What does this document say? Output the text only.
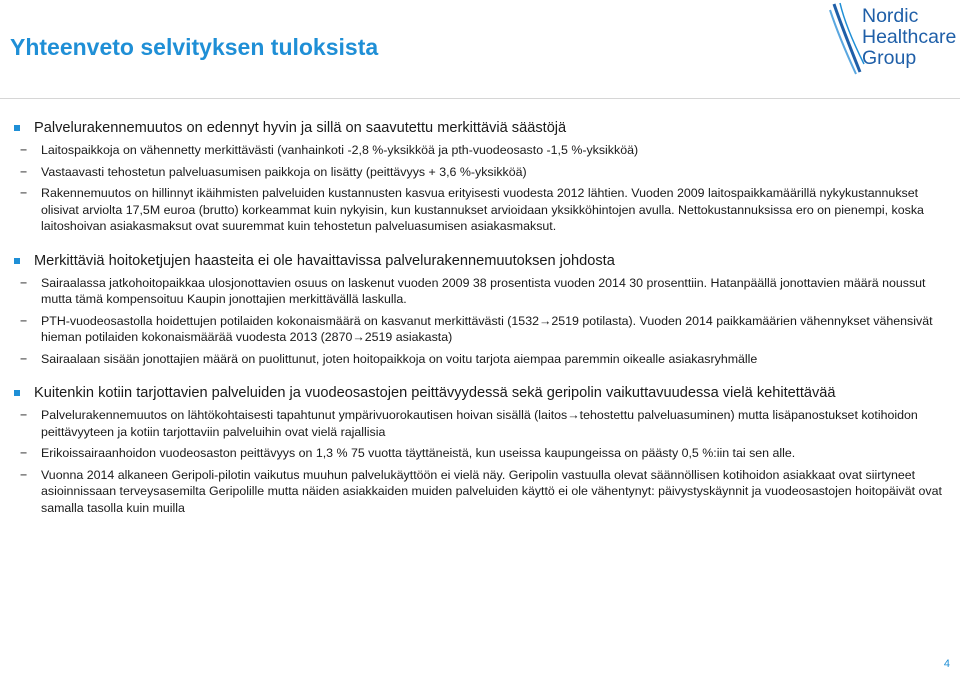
Yhteenveto selvityksen tuloksista
Nordic
Healthcare
Group
Palvelurakennemuutos on edennyt hyvin ja sillä on saavutettu merkittäviä säästöjä
− Laitospaikkoja on vähennetty merkittävästi (vanhainkoti -2,8 %-yksikköä ja pth-vuodeosasto -1,5 %-yksikköä)
− Vastaavasti tehostetun palveluasumisen paikkoja on lisätty (peittävyys + 3,6 %-yksikköä)
− Rakennemuutos on hillinnyt ikäihmisten palveluiden kustannusten kasvua erityisesti vuodesta 2012 lähtien. Vuoden 2009 laitospaikkamäärillä nykykustannukset olisivat arviolta 17,5M euroa (brutto) korkeammat kuin nykyisin, kun kustannukset arvioidaan yksikköhintojen avulla. Nettokustannuksissa ero on pienempi, koska laitoshoivan asiakasmaksut ovat suuremmat kuin tehostetun palveluasumisen asiakasmaksut.
Merkittäviä hoitoketjujen haasteita ei ole havaittavissa palvelurakennemuutoksen johdosta
− Sairaalassa jatkohoitopaikkaa ulosjonottavien osuus on laskenut vuoden 2009 38 prosentista vuoden 2014 30 prosenttiin. Hatanpäällä jonottavien määrä noussut mutta tämä kompensoituu Kaupin jonottajien merkittävällä laskulla.
− PTH-vuodeosastolla hoidettujen potilaiden kokonaismäärä on kasvanut merkittävästi (1532→2519 potilasta). Vuoden 2014 paikkamäärien vähennykset vähensivät hieman potilaiden kokonaismäärää vuodesta 2013 (2870→2519 asiakasta)
− Sairaalaan sisään jonottajien määrä on puolittunut, joten hoitopaikkoja on voitu tarjota aiempaa paremmin oikealle asiakasryhmälle
Kuitenkin kotiin tarjottavien palveluiden ja vuodeosastojen peittävyydessä sekä geripolin vaikuttavuudessa vielä kehitettävää
− Palvelurakennemuutos on lähtökohtaisesti tapahtunut ympärivuorokautisen hoivan sisällä (laitos→tehostettu palveluasuminen) mutta lisäpanostukset kotihoidon peittävyyteen ja kotiin tarjottaviin palveluihin ovat vielä rajallisia
− Erikoissairaanhoidon vuodeosaston peittävyys on 1,3 % 75 vuotta täyttäneistä, kun useissa kaupungeissa on päästy 0,5 %:iin tai sen alle.
− Vuonna 2014 alkaneen Geripoli-pilotin vaikutus muuhun palvelukäyttöön ei vielä näy. Geripolin vastuulla olevat säännöllisen kotihoidon asiakkaat ovat siirtyneet asioinnissaan terveysasemilta Geripolille mutta näiden asiakkaiden muiden palveluiden käyttö ei ole vähentynyt: päivystyskäynnit ja vuodeosastojen hoitopäivät ovat samalla tasolla kuin muilla
4
